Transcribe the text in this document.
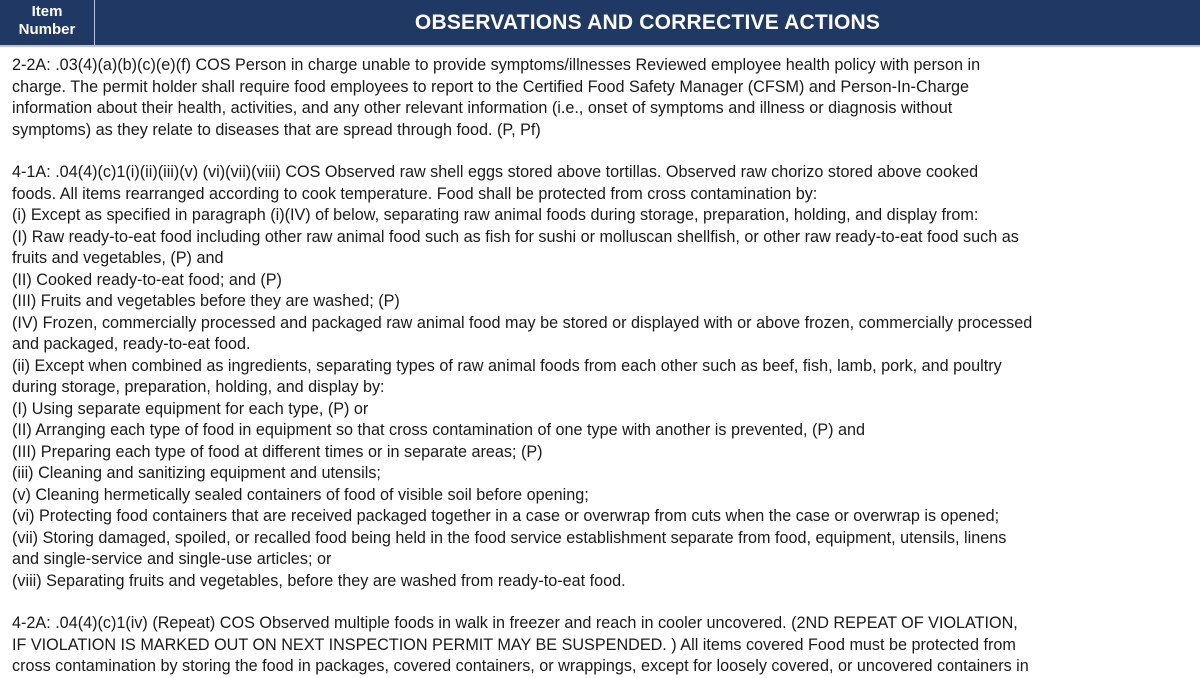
Item
Number	OBSERVATIONS AND CORRECTIVE ACTIONS
2-2A: .03(4)(a)(b)(c)(e)(f) COS Person in charge unable to provide symptoms/illnesses Reviewed employee health policy with person in
charge. The permit holder shall require food employees to report to the Certified Food Safety Manager (CFSM) and Person-In-Charge
information about their health, activities, and any other relevant information (i.e., onset of symptoms and illness or diagnosis without
symptoms) as they relate to diseases that are spread through food. (P, Pf)
4-1A: .04(4)(c)1(i)(ii)(iii)(v) (vi)(vii)(viii) COS Observed raw shell eggs stored above tortillas. Observed raw chorizo stored above cooked
foods. All items rearranged according to cook temperature. Food shall be protected from cross contamination by:
(i) Except as specified in paragraph (i)(IV) of below, separating raw animal foods during storage, preparation, holding, and display from:
(I) Raw ready-to-eat food including other raw animal food such as fish for sushi or molluscan shellfish, or other raw ready-to-eat food such as
fruits and vegetables, (P) and
(II) Cooked ready-to-eat food; and (P)
(III) Fruits and vegetables before they are washed; (P)
(IV) Frozen, commercially processed and packaged raw animal food may be stored or displayed with or above frozen, commercially processed
and packaged, ready-to-eat food.
(ii) Except when combined as ingredients, separating types of raw animal foods from each other such as beef, fish, lamb, pork, and poultry
during storage, preparation, holding, and display by:
(I) Using separate equipment for each type, (P) or
(II) Arranging each type of food in equipment so that cross contamination of one type with another is prevented, (P) and
(III) Preparing each type of food at different times or in separate areas; (P)
(iii) Cleaning and sanitizing equipment and utensils;
(v) Cleaning hermetically sealed containers of food of visible soil before opening;
(vi) Protecting food containers that are received packaged together in a case or overwrap from cuts when the case or overwrap is opened;
(vii) Storing damaged, spoiled, or recalled food being held in the food service establishment separate from food, equipment, utensils, linens
and single-service and single-use articles; or
(viii) Separating fruits and vegetables, before they are washed from ready-to-eat food.
4-2A: .04(4)(c)1(iv) (Repeat) COS Observed multiple foods in walk in freezer and reach in cooler uncovered. (2ND REPEAT OF VIOLATION,
IF VIOLATION IS MARKED OUT ON NEXT INSPECTION PERMIT MAY BE SUSPENDED. ) All items covered Food must be protected from
cross contamination by storing the food in packages, covered containers, or wrappings, except for loosely covered, or uncovered containers in
